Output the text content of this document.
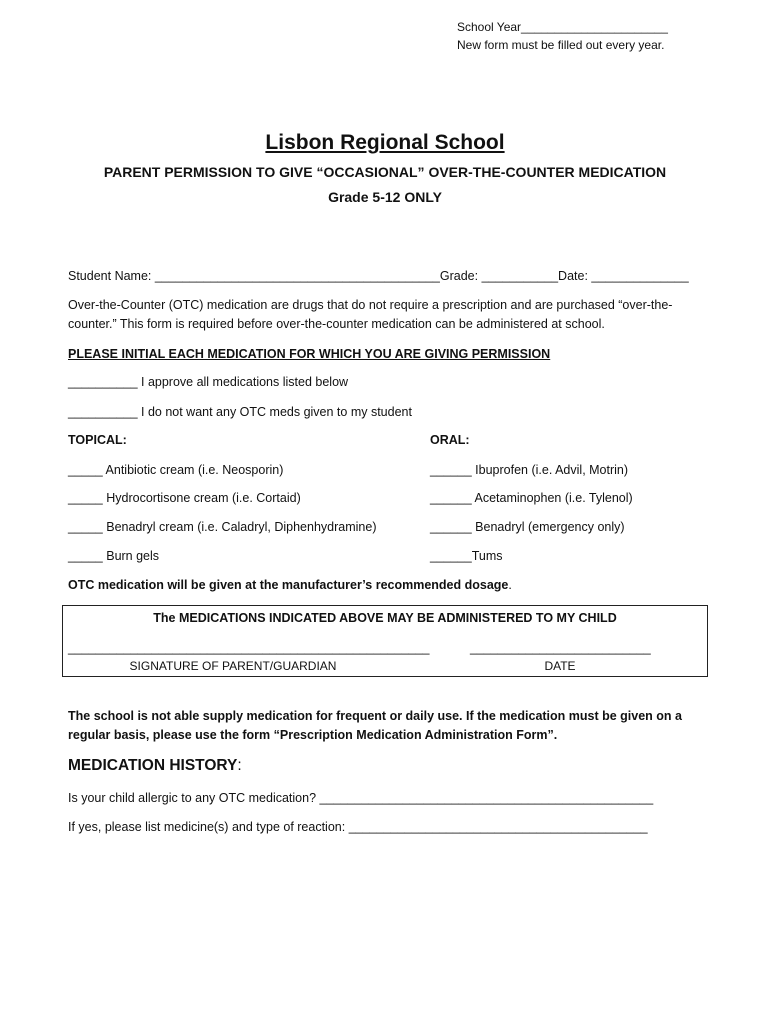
School Year______________________
New form must be filled out every year.
Lisbon Regional School
PARENT PERMISSION TO GIVE “OCCASIONAL” OVER-THE-COUNTER MEDICATION
Grade 5-12 ONLY
Student Name: _________________________________________Grade: ___________Date: ______________
Over-the-Counter (OTC) medication are drugs that do not require a prescription and are purchased “over-the-
counter.” This form is required before over-the-counter medication can be administered at school.
PLEASE INITIAL EACH MEDICATION FOR WHICH YOU ARE GIVING PERMISSION
__________ I approve all medications listed below
__________ I do not want any OTC meds given to my student
TOPICAL:
_____ Antibiotic cream (i.e. Neosporin)
_____ Hydrocortisone cream (i.e. Cortaid)
_____ Benadryl cream (i.e. Caladryl, Diphenhydramine)
_____ Burn gels
ORAL:
______ Ibuprofen (i.e. Advil, Motrin)
______ Acetaminophen (i.e. Tylenol)
______ Benadryl (emergency only)
______Tums
OTC medication will be given at the manufacturer’s recommended dosage.
The MEDICATIONS INDICATED ABOVE MAY BE ADMINISTERED TO MY CHILD
____________________________________________________	__________________________
SIGNATURE OF PARENT/GUARDIAN	DATE
The school is not able supply medication for frequent or daily use. If the medication must be given on a
regular basis, please use the form “Prescription Medication Administration Form”.
MEDICATION HISTORY:
Is your child allergic to any OTC medication? ________________________________________________
If yes, please list medicine(s) and type of reaction: ___________________________________________
